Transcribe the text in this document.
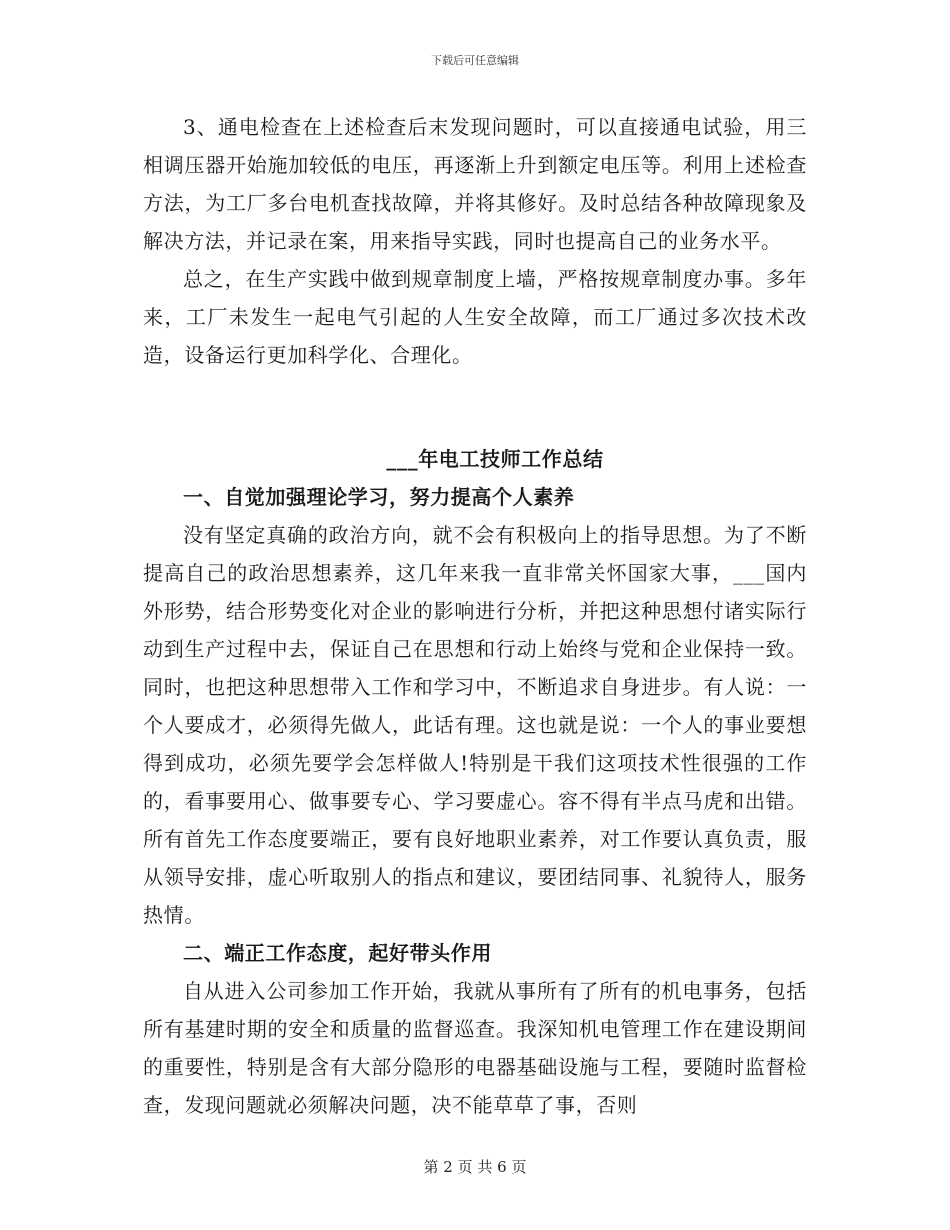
下载后可任意编辑

3、通电检查在上述检查后末发现问题时，可以直接通电试验，用三相调压器开始施加较低的电压，再逐渐上升到额定电压等。利用上述检查方法，为工厂多台电机查找故障，并将其修好。及时总结各种故障现象及解决方法，并记录在案，用来指导实践，同时也提高自己的业务水平。

总之，在生产实践中做到规章制度上墙，严格按规章制度办事。多年来，工厂未发生一起电气引起的人生安全故障，而工厂通过多次技术改造，设备运行更加科学化、合理化。

___年电工技师工作总结

一、自觉加强理论学习，努力提高个人素养

没有坚定真确的政治方向，就不会有积极向上的指导思想。为了不断提高自己的政治思想素养，这几年来我一直非常关怀国家大事，___国内外形势，结合形势变化对企业的影响进行分析，并把这种思想付诸实际行动到生产过程中去，保证自己在思想和行动上始终与党和企业保持一致。同时，也把这种思想带入工作和学习中，不断追求自身进步。有人说：一个人要成才，必须得先做人，此话有理。这也就是说：一个人的事业要想得到成功，必须先要学会怎样做人!特别是干我们这项技术性很强的工作的，看事要用心、做事要专心、学习要虚心。容不得有半点马虎和出错。所有首先工作态度要端正，要有良好地职业素养，对工作要认真负责，服从领导安排，虚心听取别人的指点和建议，要团结同事、礼貌待人，服务热情。

二、端正工作态度，起好带头作用

自从进入公司参加工作开始，我就从事所有了所有的机电事务，包括所有基建时期的安全和质量的监督巡查。我深知机电管理工作在建设期间的重要性，特别是含有大部分隐形的电器基础设施与工程，要随时监督检查，发现问题就必须解决问题，决不能草草了事，否则

第 2 页 共 6 页
